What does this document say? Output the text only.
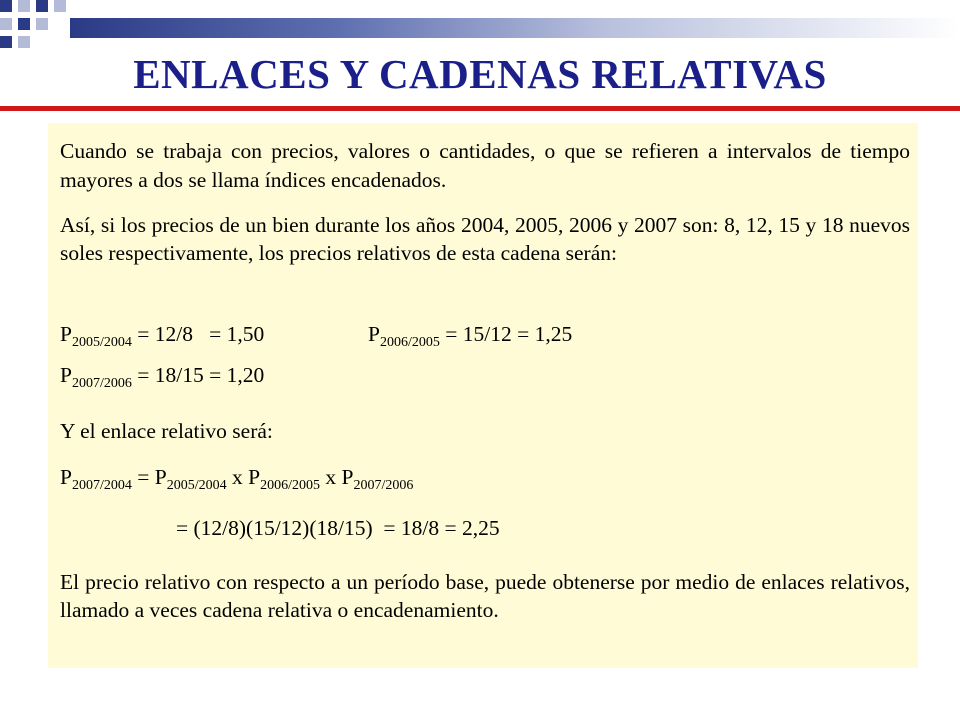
ENLACES Y CADENAS RELATIVAS
Cuando se trabaja con precios, valores o cantidades, o que se refieren a intervalos de tiempo mayores a dos se llama índices encadenados.
Así, si los precios de un bien durante los años 2004, 2005, 2006 y 2007 son: 8, 12, 15 y 18 nuevos soles respectivamente, los precios relativos de esta cadena serán:
$P_{2005/2004} = 12/8 = 1,50$	$P_{2006/2005} = 15/12 = 1,25$
$P_{2007/2006} = 18/15 = 1,20$
Y el enlace relativo será:
$P_{2007/2004} = P_{2005/2004}$ x $P_{2006/2005}$ x $P_{2007/2006}$
= (12/8)(15/12)(18/15)  = 18/8 = 2,25
El precio relativo con respecto a un período base, puede obtenerse por medio de enlaces relativos, llamado a veces cadena relativa o encadenamiento.
